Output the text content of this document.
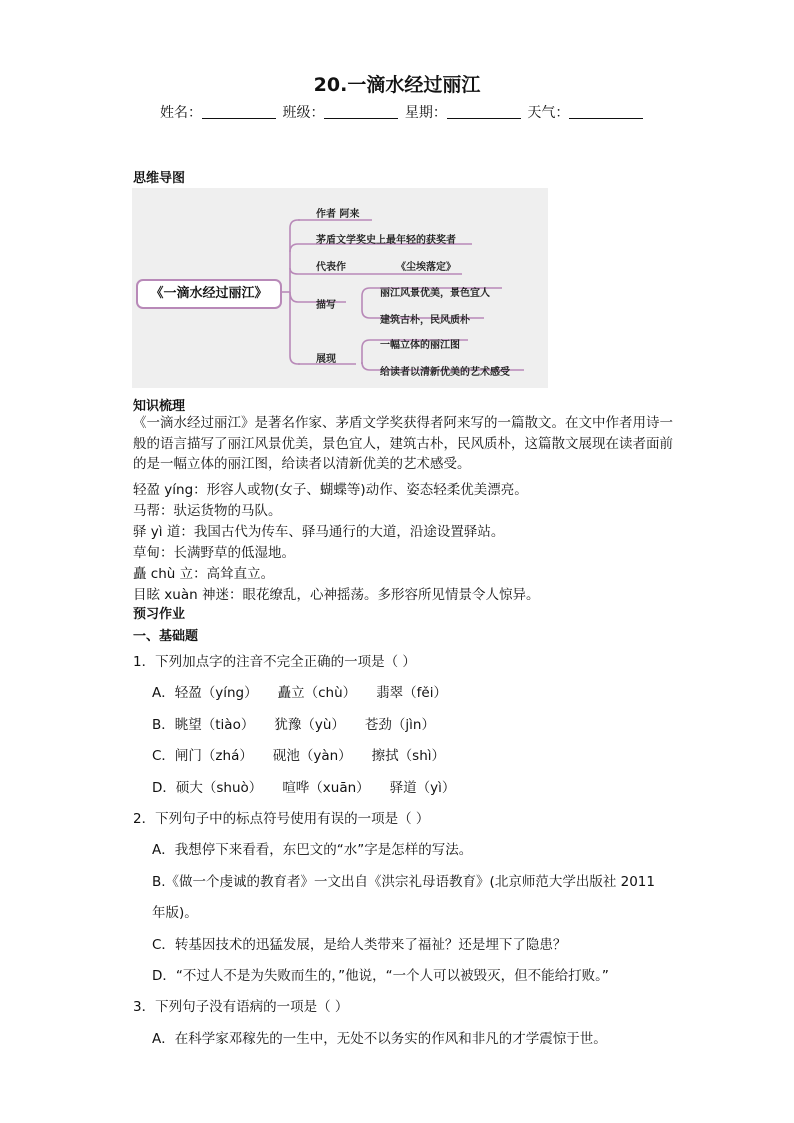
20.一滴水经过丽江
姓名：	班级：	星期：	天气：
思维导图
《一滴水经过丽江》
作者 阿来
茅盾文学奖史上最年轻的获奖者
代表作	《尘埃落定》
描写
丽江风景优美，景色宜人
建筑古朴，民风质朴
展现
一幅立体的丽江图
给读者以清新优美的艺术感受
知识梳理
《一滴水经过丽江》是著名作家、茅盾文学奖获得者阿来写的一篇散文。在文中作者用诗一般的语言描写了丽江风景优美，景色宜人，建筑古朴，民风质朴，这篇散文展现在读者面前的是一幅立体的丽江图，给读者以清新优美的艺术感受。
轻盈 yíng：形容人或物(女子、蝴蝶等)动作、姿态轻柔优美漂亮。
马帮：驮运货物的马队。
驿 yì 道：我国古代为传车、驿马通行的大道，沿途设置驿站。
草甸：长满野草的低湿地。
矗 chù 立：高耸直立。
目眩 xuàn 神迷：眼花缭乱，心神摇荡。多形容所见情景令人惊异。
预习作业
一、基础题
1．下列加点字的注音不完全正确的一项是（ ）
A．轻盈（yíng） 矗立（chù） 翡翠（fěi）
B．眺望（tiào） 犹豫（yù） 苍劲（jìn）
C．闸门（zhá） 砚池（yàn） 擦拭（shì）
D．硕大（shuò） 喧哗（xuān） 驿道（yì）
2．下列句子中的标点符号使用有误的一项是（ ）
A．我想停下来看看，东巴文的“水”字是怎样的写法。
B.《做一个虔诚的教育者》一文出自《洪宗礼母语教育》(北京师范大学出版社 2011
年版)。
C．转基因技术的迅猛发展，是给人类带来了福祉？还是埋下了隐患？
D．“不过人不是为失败而生的，”他说，“一个人可以被毁灭，但不能给打败。”
3．下列句子没有语病的一项是（ ）
A．在科学家邓稼先的一生中，无处不以务实的作风和非凡的才学震惊于世。
